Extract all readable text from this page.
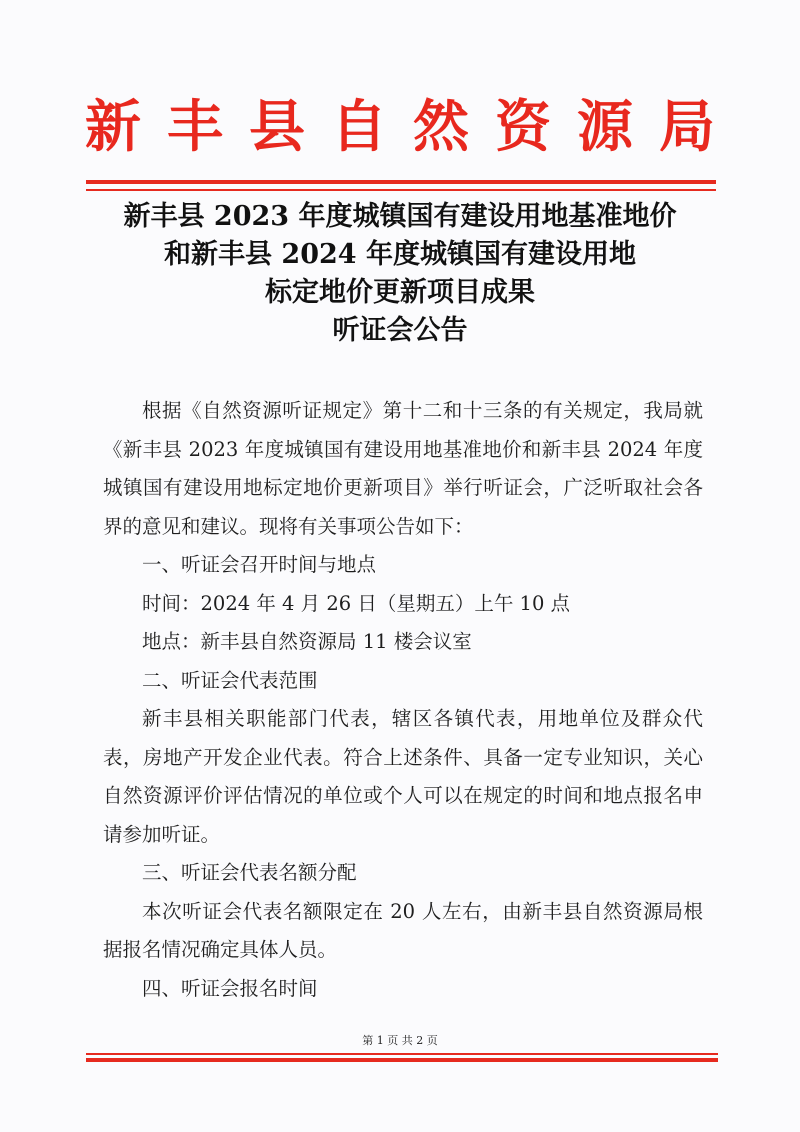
新 丰 县 自 然 资 源 局
新丰县 2023 年度城镇国有建设用地基准地价
和新丰县 2024 年度城镇国有建设用地
标定地价更新项目成果
听证会公告

根据《自然资源听证规定》第十二和十三条的有关规定，我局就《新丰县 2023 年度城镇国有建设用地基准地价和新丰县 2024 年度城镇国有建设用地标定地价更新项目》举行听证会，广泛听取社会各界的意见和建议。现将有关事项公告如下：

一、听证会召开时间与地点

时间：2024 年 4 月 26 日（星期五）上午 10 点

地点：新丰县自然资源局 11 楼会议室

二、听证会代表范围

新丰县相关职能部门代表，辖区各镇代表，用地单位及群众代表，房地产开发企业代表。符合上述条件、具备一定专业知识，关心自然资源评价评估情况的单位或个人可以在规定的时间和地点报名申请参加听证。

三、听证会代表名额分配

本次听证会代表名额限定在 20 人左右，由新丰县自然资源局根据报名情况确定具体人员。

四、听证会报名时间
第 1 页 共 2 页
